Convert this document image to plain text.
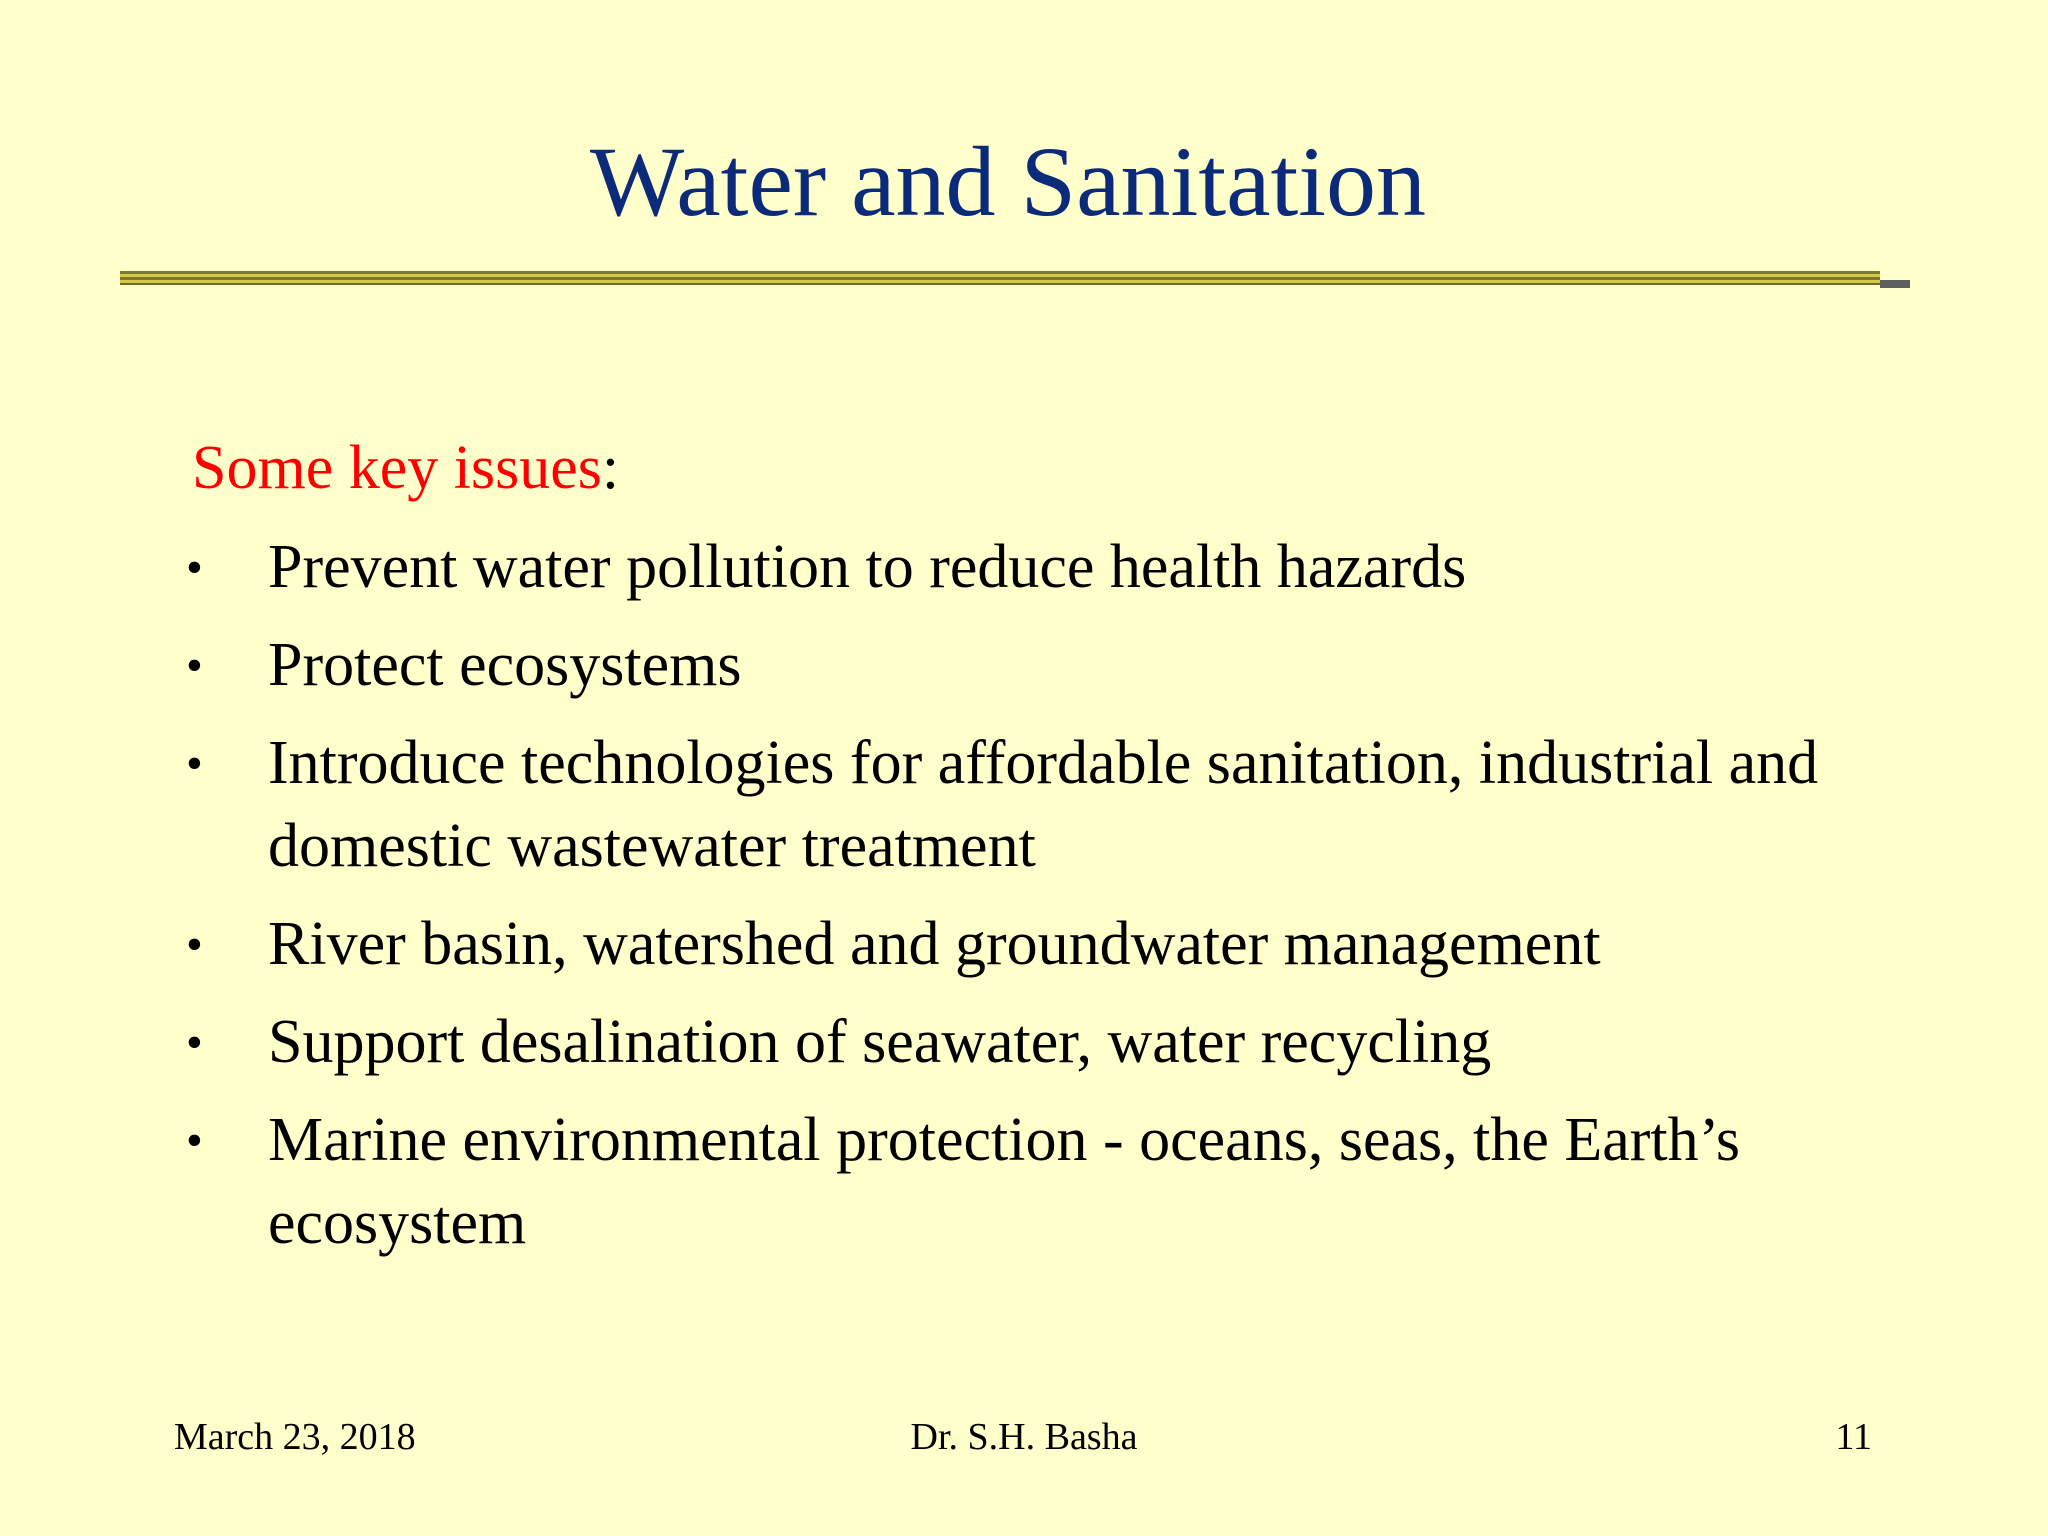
Water and Sanitation
Some key issues:
• Prevent water pollution to reduce health hazards
• Protect ecosystems
• Introduce technologies for affordable sanitation, industrial and domestic wastewater treatment
• River basin, watershed and groundwater management
• Support desalination of seawater, water recycling
• Marine environmental protection - oceans, seas, the Earth’s ecosystem
March 23, 2018	Dr. S.H. Basha	11
